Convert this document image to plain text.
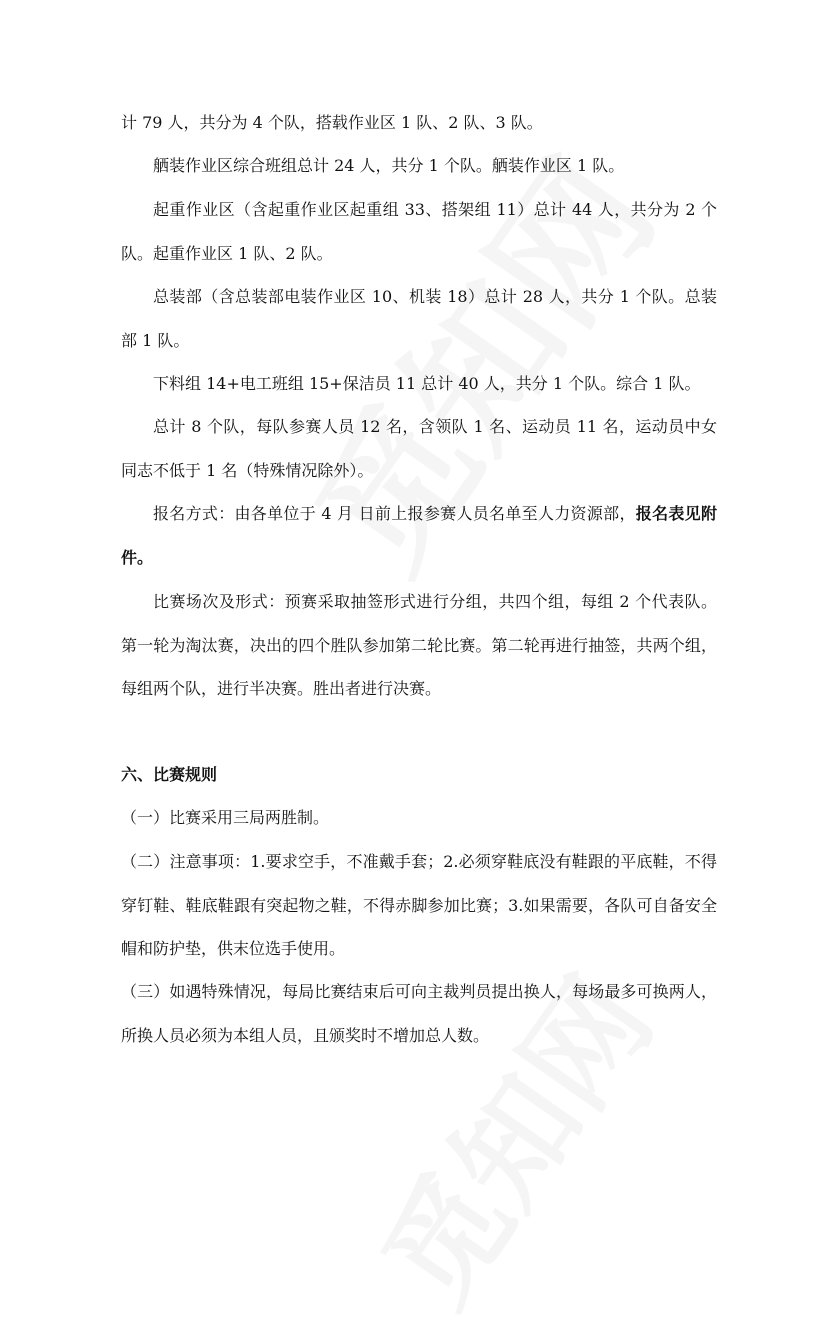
计 79 人，共分为 4 个队，搭载作业区 1 队、2 队、3 队。
舾装作业区综合班组总计 24 人，共分 1 个队。舾装作业区 1 队。
起重作业区（含起重作业区起重组 33、搭架组 11）总计 44 人，共分为 2 个队。起重作业区 1 队、2 队。
总装部（含总装部电装作业区 10、机装 18）总计 28 人，共分 1 个队。总装部 1 队。
下料组 14+电工班组 15+保洁员 11 总计 40 人，共分 1 个队。综合 1 队。
总计 8 个队，每队参赛人员 12 名，含领队 1 名、运动员 11 名，运动员中女同志不低于 1 名（特殊情况除外）。
报名方式：由各单位于 4 月 日前上报参赛人员名单至人力资源部，报名表见附件。
比赛场次及形式：预赛采取抽签形式进行分组，共四个组，每组 2 个代表队。第一轮为淘汰赛，决出的四个胜队参加第二轮比赛。第二轮再进行抽签，共两个组，每组两个队，进行半决赛。胜出者进行决赛。
六、比赛规则
（一）比赛采用三局两胜制。
（二）注意事项：1.要求空手，不准戴手套；2.必须穿鞋底没有鞋跟的平底鞋，不得穿钉鞋、鞋底鞋跟有突起物之鞋，不得赤脚参加比赛；3.如果需要，各队可自备安全帽和防护垫，供末位选手使用。
（三）如遇特殊情况，每局比赛结束后可向主裁判员提出换人，每场最多可换两人，所换人员必须为本组人员，且颁奖时不增加总人数。
